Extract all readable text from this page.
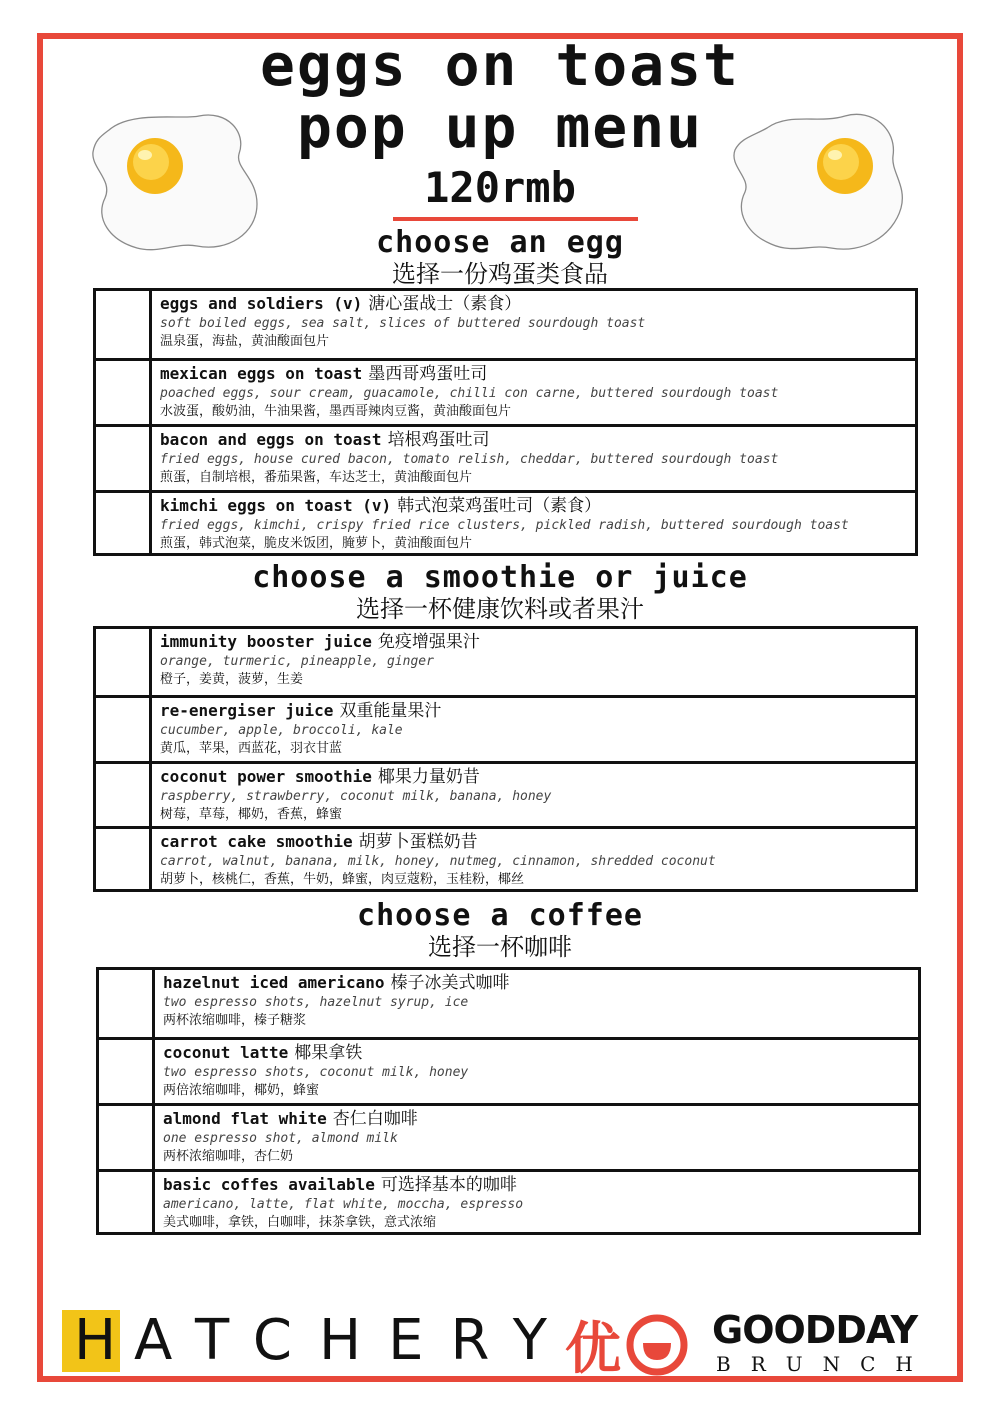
eggs on toast
pop up menu
120rmb
choose an egg
选择一份鸡蛋类食品
eggs and soldiers (v) 溏心蛋战士（素食）
soft boiled eggs, sea salt, slices of buttered sourdough toast
温泉蛋，海盐，黄油酸面包片
mexican eggs on toast 墨西哥鸡蛋吐司
poached eggs, sour cream, guacamole, chilli con carne, buttered sourdough toast
水波蛋，酸奶油，牛油果酱，墨西哥辣肉豆酱，黄油酸面包片
bacon and eggs on toast 培根鸡蛋吐司
fried eggs, house cured bacon, tomato relish, cheddar, buttered sourdough toast
煎蛋，自制培根，番茄果酱，车达芝士，黄油酸面包片
kimchi eggs on toast (v) 韩式泡菜鸡蛋吐司（素食）
fried eggs, kimchi, crispy fried rice clusters, pickled radish, buttered sourdough toast
煎蛋，韩式泡菜，脆皮米饭团，腌萝卜，黄油酸面包片
choose a smoothie or juice
选择一杯健康饮料或者果汁
immunity booster juice 免疫增强果汁
orange, turmeric, pineapple, ginger
橙子，姜黄，菠萝，生姜
re-energiser juice 双重能量果汁
cucumber, apple, broccoli, kale
黄瓜，苹果，西蓝花，羽衣甘蓝
coconut power smoothie 椰果力量奶昔
raspberry, strawberry, coconut milk, banana, honey
树莓，草莓，椰奶，香蕉，蜂蜜
carrot cake smoothie 胡萝卜蛋糕奶昔
carrot, walnut, banana, milk, honey, nutmeg, cinnamon, shredded coconut
胡萝卜，核桃仁，香蕉，牛奶，蜂蜜，肉豆蔻粉，玉桂粉，椰丝
choose a coffee
选择一杯咖啡
hazelnut iced americano 榛子冰美式咖啡
two espresso shots, hazelnut syrup, ice
两杯浓缩咖啡，榛子糖浆
coconut latte 椰果拿铁
two espresso shots, coconut milk, honey
两倍浓缩咖啡，椰奶，蜂蜜
almond flat white 杏仁白咖啡
one espresso shot, almond milk
两杯浓缩咖啡，杏仁奶
basic coffes available 可选择基本的咖啡
americano, latte, flat white, moccha, espresso
美式咖啡，拿铁，白咖啡，抹茶拿铁，意式浓缩
H ATCHERY
优 GOODDAY
BRUNCH
